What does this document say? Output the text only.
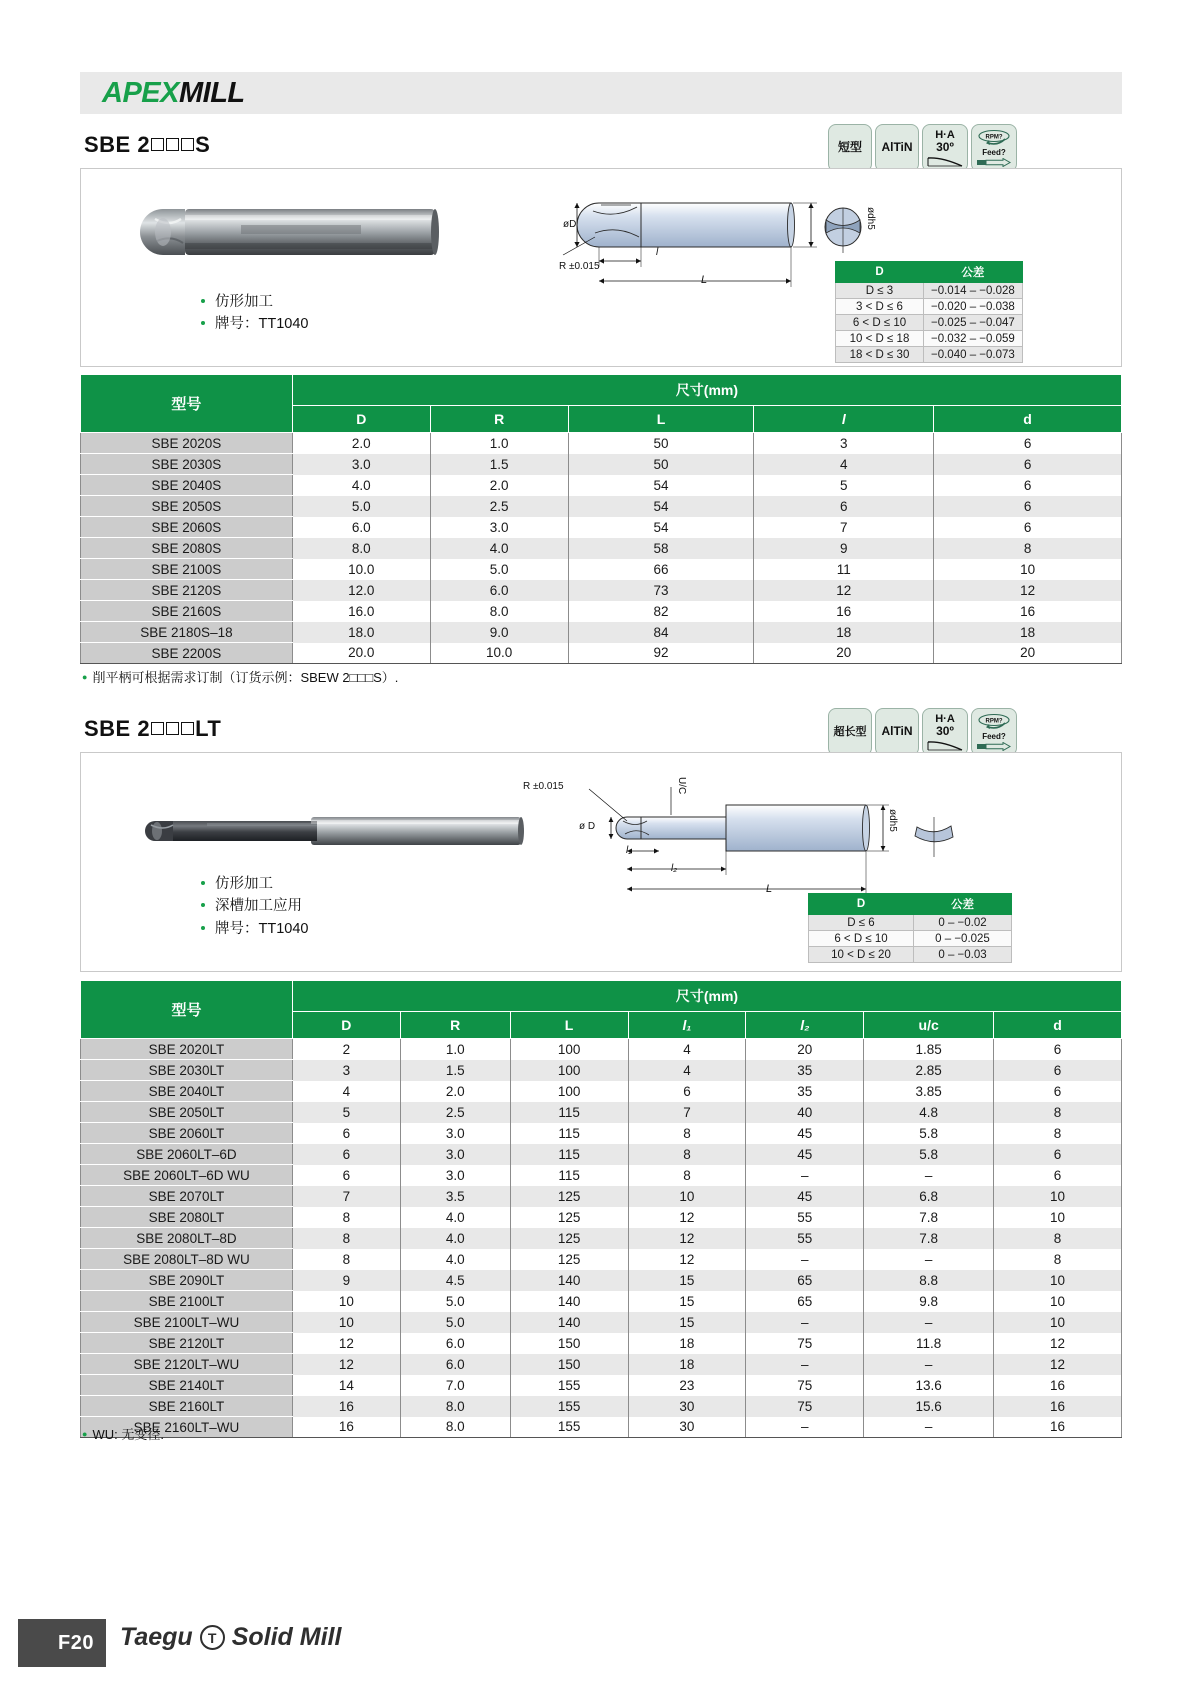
APEXMILL
SBE 2 S	短型 AlTiN
H·A
30º
RPM?
Feed?
仿形加工
牌号：TT1040
øD	ødh5
R ±0.015
l
L
D	公差
D ≤ 3	−0.014 – −0.028
3 < D ≤ 6	−0.020 – −0.038
6 < D ≤ 10	−0.025 – −0.047
10 < D ≤ 18	−0.032 – −0.059
18 < D ≤ 30	−0.040 – −0.073
型号	尺寸(mm)				
	D	R	L	l	d
SBE 2020S	2.0	1.0	50	3	6
SBE 2030S	3.0	1.5	50	4	6
SBE 2040S	4.0	2.0	54	5	6
SBE 2050S	5.0	2.5	54	6	6
SBE 2060S	6.0	3.0	54	7	6
SBE 2080S	8.0	4.0	58	9	8
SBE 2100S	10.0	5.0	66	11	10
SBE 2120S	12.0	6.0	73	12	12
SBE 2160S	16.0	8.0	82	16	16
SBE 2180S–18	18.0	9.0	84	18	18
SBE 2200S	20.0	10.0	92	20	20
● 削平柄可根据需求订制（订货示例：SBEW 2□□□S）.
SBE 2 LT	超长型 AlTiN
H·A
30º
RPM?
Feed?
仿形加工
深槽加工应用
牌号：TT1040
R ±0.015	U/C
ø D	ødh5
l₁
l₂
L
D	公差
D ≤ 6	0 – −0.02
6 < D ≤ 10	0 – −0.025
10 < D ≤ 20	0 – −0.03
型号	尺寸(mm)						
	D	R	L	l₁	l₂	u/c	d
SBE 2020LT	2	1.0	100	4	20	1.85	6
SBE 2030LT	3	1.5	100	4	35	2.85	6
SBE 2040LT	4	2.0	100	6	35	3.85	6
SBE 2050LT	5	2.5	115	7	40	4.8	8
SBE 2060LT	6	3.0	115	8	45	5.8	8
SBE 2060LT–6D	6	3.0	115	8	45	5.8	6
SBE 2060LT–6D WU	6	3.0	115	8	–	–	6
SBE 2070LT	7	3.5	125	10	45	6.8	10
SBE 2080LT	8	4.0	125	12	55	7.8	10
SBE 2080LT–8D	8	4.0	125	12	55	7.8	8
SBE 2080LT–8D WU	8	4.0	125	12	–	–	8
SBE 2090LT	9	4.5	140	15	65	8.8	10
SBE 2100LT	10	5.0	140	15	65	9.8	10
SBE 2100LT–WU	10	5.0	140	15	–	–	10
SBE 2120LT	12	6.0	150	18	75	11.8	12
SBE 2120LT–WU	12	6.0	150	18	–	–	12
SBE 2140LT	14	7.0	155	23	75	13.6	16
SBE 2160LT	16	8.0	155	30	75	15.6	16
SBE 2160LT–WU	16	8.0	155	30	–	–	16
● WU: 无变径.
F20	Taegu	T Solid Mill
